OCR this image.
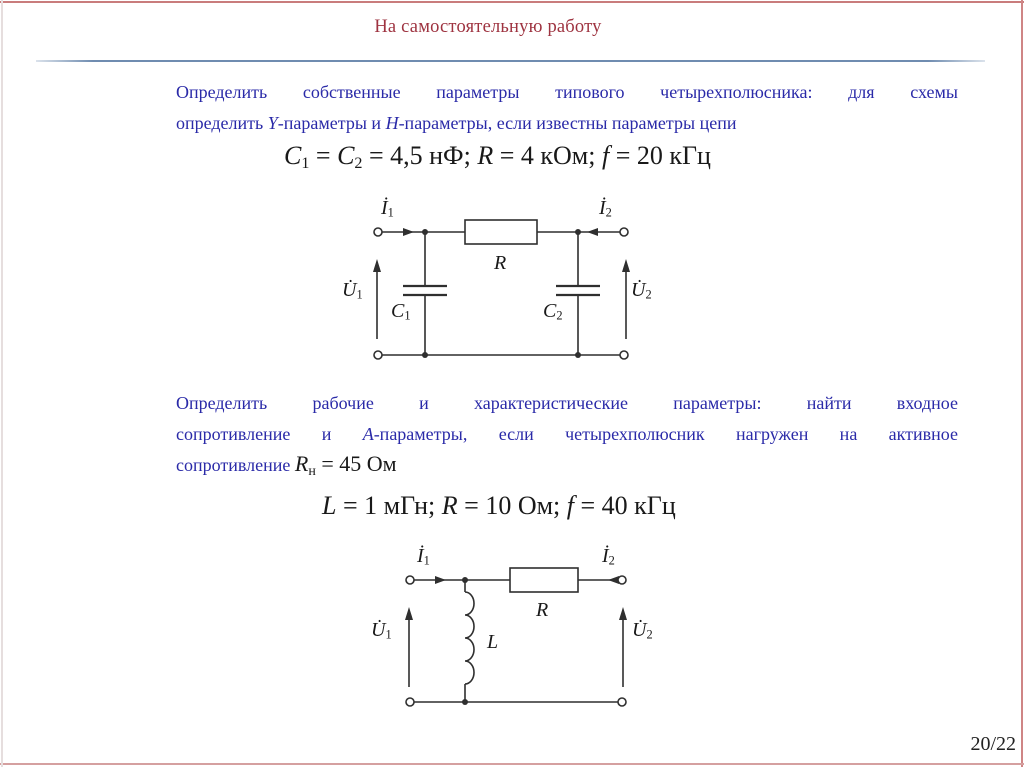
На самостоятельную работу
Определить собственные параметры типового четырехполюсника: для схемы
определить Y-параметры и H-параметры, если известны параметры цепи
C1 = C2 = 4,5 нФ; R = 4 кОм; f = 20 кГц
İ1	İ2
R
C1	C2
U̇1	U̇2
Определить рабочие и характеристические параметры: найти входное
сопротивление и A-параметры, если четырехполюсник нагружен на активное
сопротивление $R_н = 45$ Ом
L = 1 мГн; R = 10 Ом; f = 40 кГц
İ1	İ2
R
L
U̇1	U̇2
20/22
